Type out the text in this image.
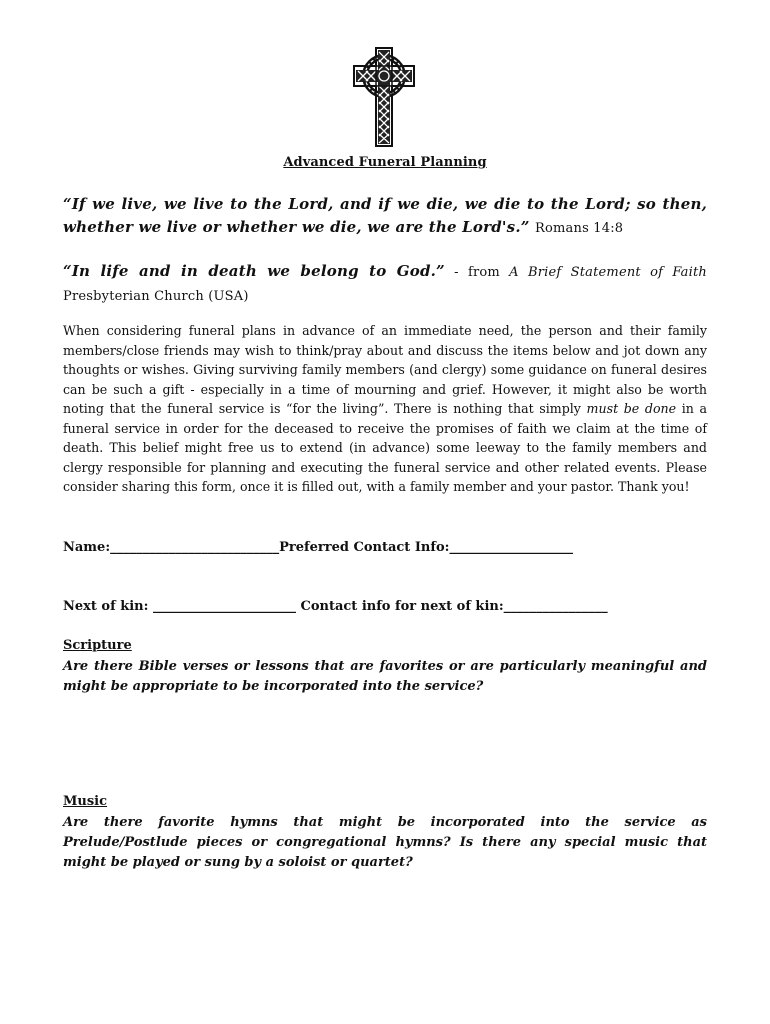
Advanced Funeral Planning
“If we live, we live to the Lord, and if we die, we die to the Lord; so then, whether we live or whether we die, we are the Lord's.” Romans 14:8
“In life and in death we belong to God.” - from A Brief Statement of Faith Presbyterian Church (USA)
When considering funeral plans in advance of an immediate need, the person and their family members/close friends may wish to think/pray about and discuss the items below and jot down any thoughts or wishes. Giving surviving family members (and clergy) some guidance on funeral desires can be such a gift - especially in a time of mourning and grief. However, it might also be worth noting that the funeral service is “for the living”. There is nothing that simply must be done in a funeral service in order for the deceased to receive the promises of faith we claim at the time of death. This belief might free us to extend (in advance) some leeway to the family members and clergy responsible for planning and executing the funeral service and other related events. Please consider sharing this form, once it is filled out, with a family member and your pastor. Thank you!
Name:__________________________Preferred Contact Info:___________________
Next of kin: ______________________ Contact info for next of kin:________________
Scripture
Are there Bible verses or lessons that are favorites or are particularly meaningful and might be appropriate to be incorporated into the service?
Music
Are there favorite hymns that might be incorporated into the service as Prelude/Postlude pieces or congregational hymns? Is there any special music that might be played or sung by a soloist or quartet?
